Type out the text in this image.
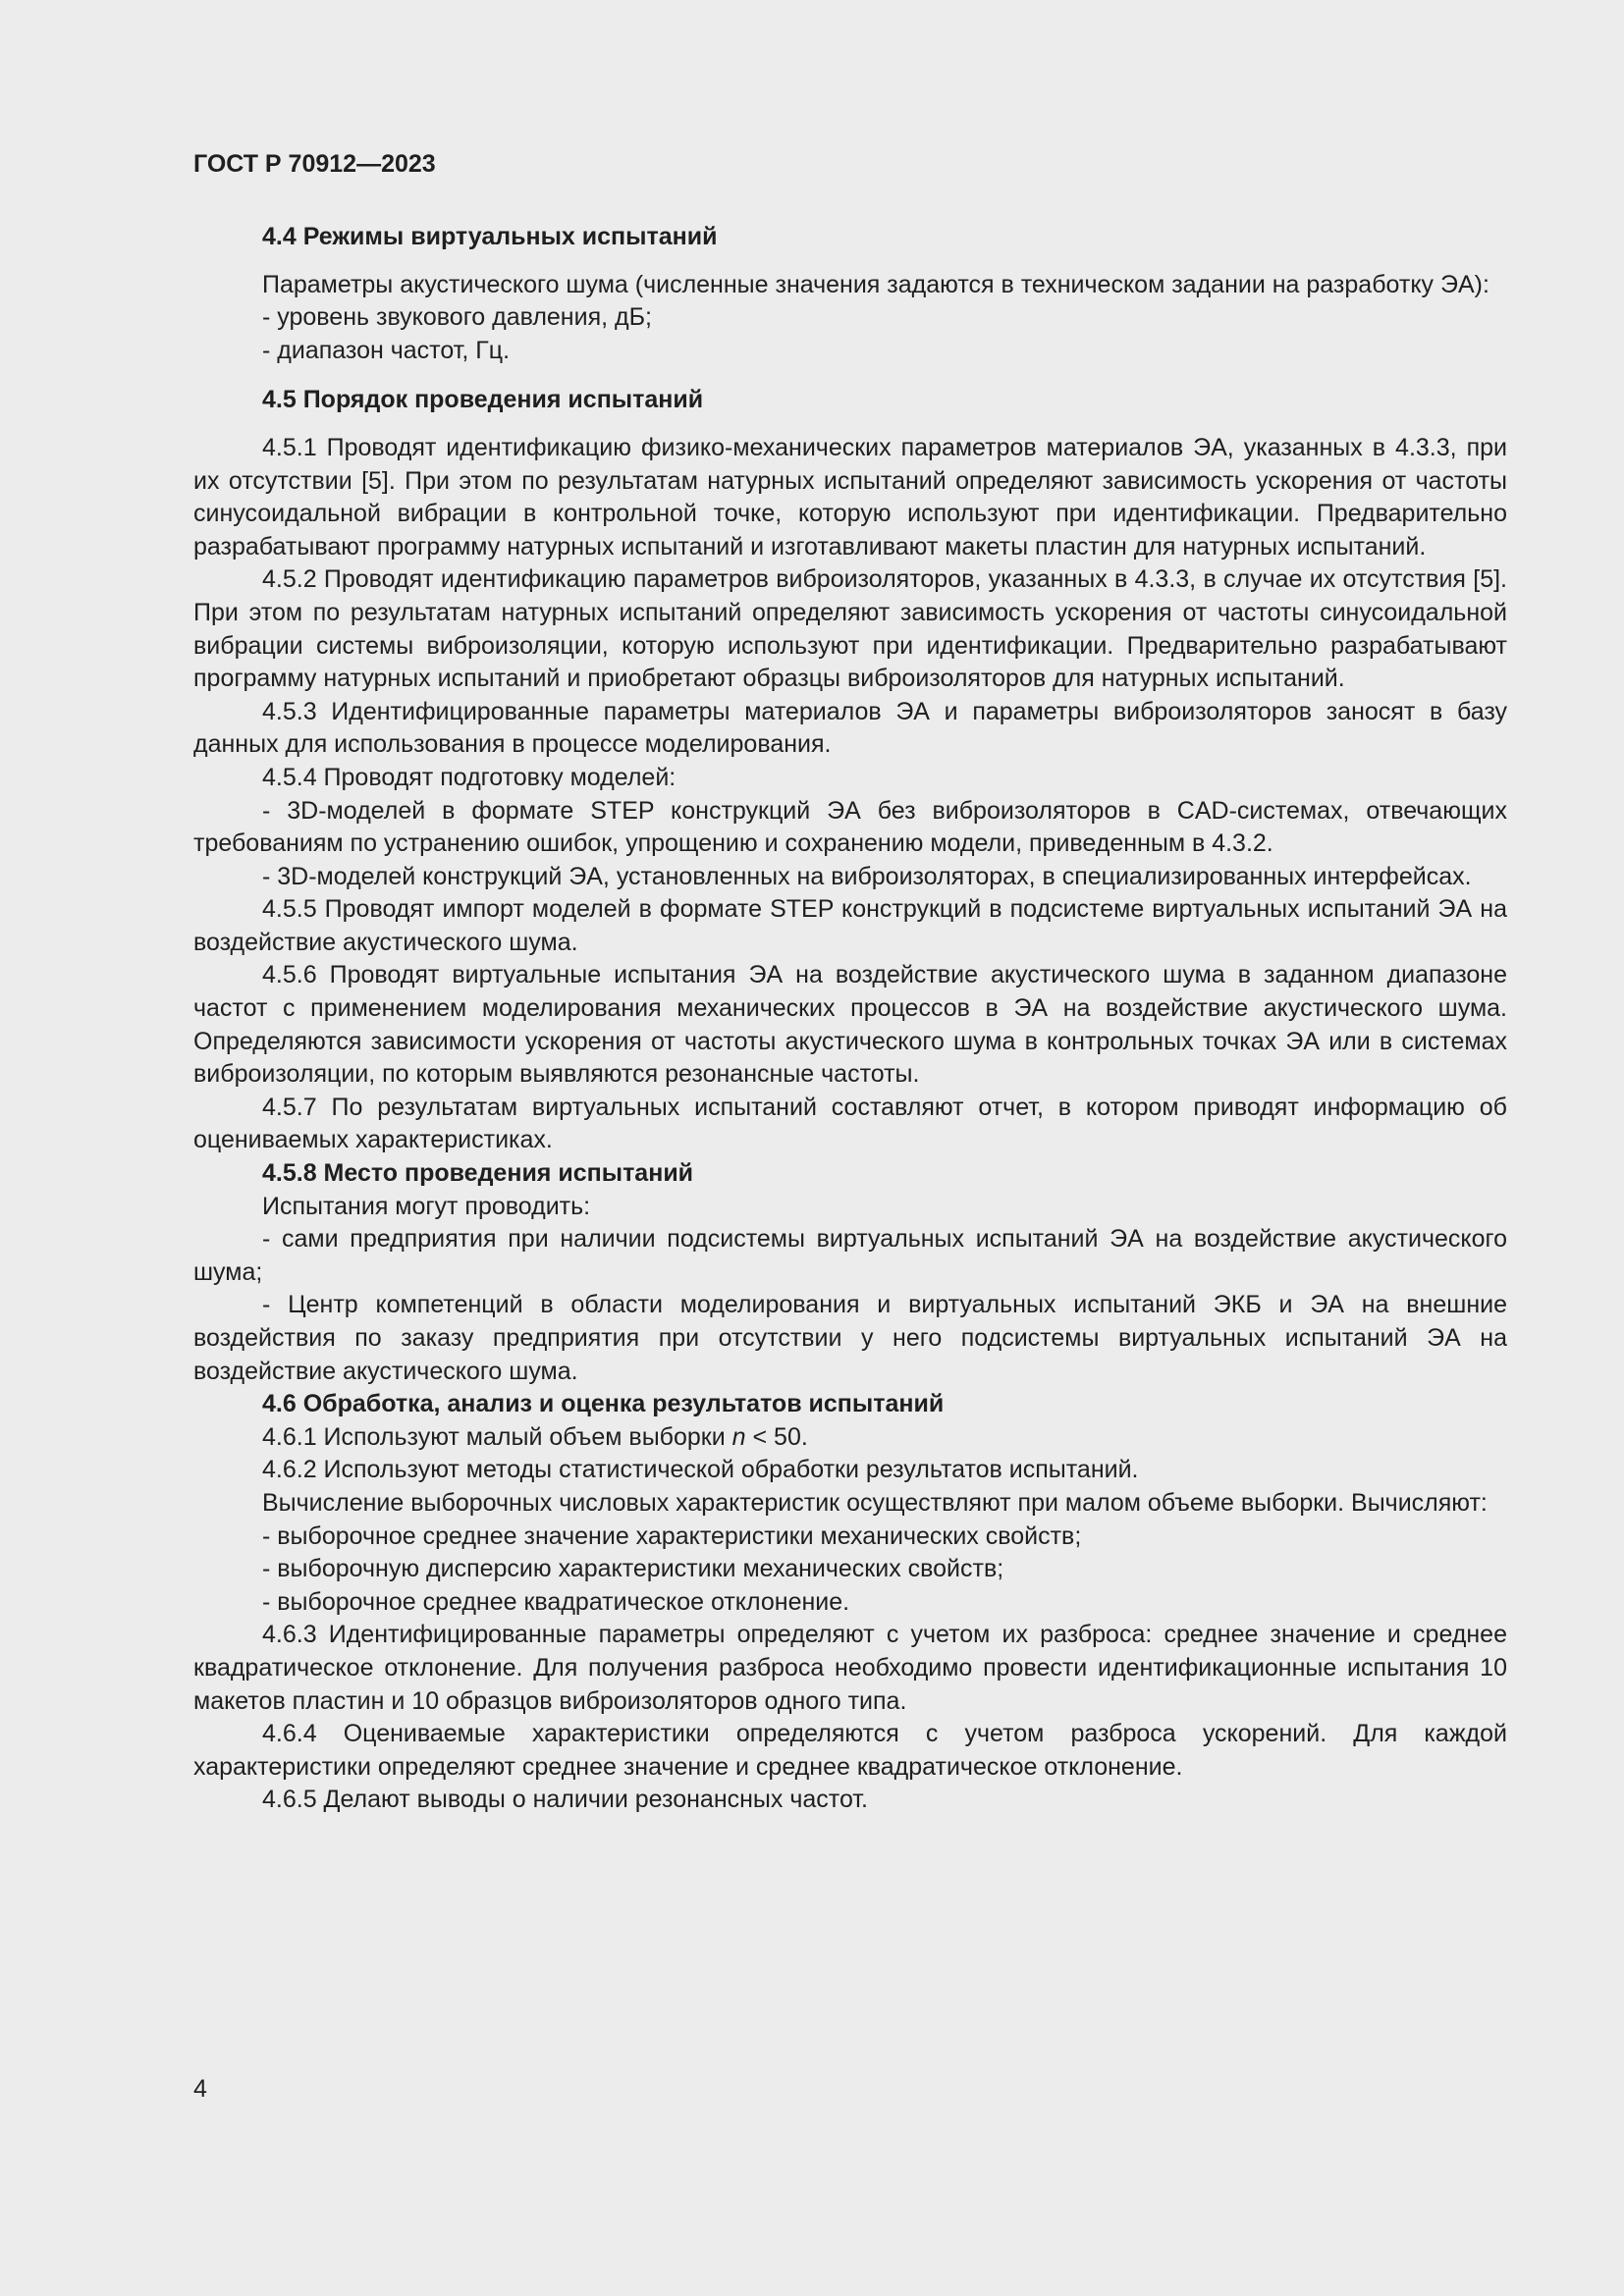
ГОСТ Р 70912—2023
4.4 Режимы виртуальных испытаний

Параметры акустического шума (численные значения задаются в техническом задании на разработку ЭА):

- уровень звукового давления, дБ;

- диапазон частот, Гц.

4.5 Порядок проведения испытаний

4.5.1 Проводят идентификацию физико-механических параметров материалов ЭА, указанных в 4.3.3, при их отсутствии [5]. При этом по результатам натурных испытаний определяют зависимость ускорения от частоты синусоидальной вибрации в контрольной точке, которую используют при идентификации. Предварительно разрабатывают программу натурных испытаний и изготавливают макеты пластин для натурных испытаний.

4.5.2 Проводят идентификацию параметров виброизоляторов, указанных в 4.3.3, в случае их отсутствия [5]. При этом по результатам натурных испытаний определяют зависимость ускорения от частоты синусоидальной вибрации системы виброизоляции, которую используют при идентификации. Предварительно разрабатывают программу натурных испытаний и приобретают образцы виброизоляторов для натурных испытаний.

4.5.3 Идентифицированные параметры материалов ЭА и параметры виброизоляторов заносят в базу данных для использования в процессе моделирования.

4.5.4 Проводят подготовку моделей:

- 3D-моделей в формате STEP конструкций ЭА без виброизоляторов в CAD-системах, отвечающих требованиям по устранению ошибок, упрощению и сохранению модели, приведенным в 4.3.2.

- 3D-моделей конструкций ЭА, установленных на виброизоляторах, в специализированных интерфейсах.

4.5.5 Проводят импорт моделей в формате STEP конструкций в подсистеме виртуальных испытаний ЭА на воздействие акустического шума.

4.5.6 Проводят виртуальные испытания ЭА на воздействие акустического шума в заданном диапазоне частот с применением моделирования механических процессов в ЭА на воздействие акустического шума. Определяются зависимости ускорения от частоты акустического шума в контрольных точках ЭА или в системах виброизоляции, по которым выявляются резонансные частоты.

4.5.7 По результатам виртуальных испытаний составляют отчет, в котором приводят информацию об оцениваемых характеристиках.

4.5.8 Место проведения испытаний

Испытания могут проводить:

- сами предприятия при наличии подсистемы виртуальных испытаний ЭА на воздействие акустического шума;

- Центр компетенций в области моделирования и виртуальных испытаний ЭКБ и ЭА на внешние воздействия по заказу предприятия при отсутствии у него подсистемы виртуальных испытаний ЭА на воздействие акустического шума.

4.6 Обработка, анализ и оценка результатов испытаний

4.6.1 Используют малый объем выборки n < 50.

4.6.2 Используют методы статистической обработки результатов испытаний.

Вычисление выборочных числовых характеристик осуществляют при малом объеме выборки. Вычисляют:

- выборочное среднее значение характеристики механических свойств;

- выборочную дисперсию характеристики механических свойств;

- выборочное среднее квадратическое отклонение.

4.6.3 Идентифицированные параметры определяют с учетом их разброса: среднее значение и среднее квадратическое отклонение. Для получения разброса необходимо провести идентификационные испытания 10 макетов пластин и 10 образцов виброизоляторов одного типа.

4.6.4 Оцениваемые характеристики определяются с учетом разброса ускорений. Для каждой характеристики определяют среднее значение и среднее квадратическое отклонение.

4.6.5 Делают выводы о наличии резонансных частот.

4
